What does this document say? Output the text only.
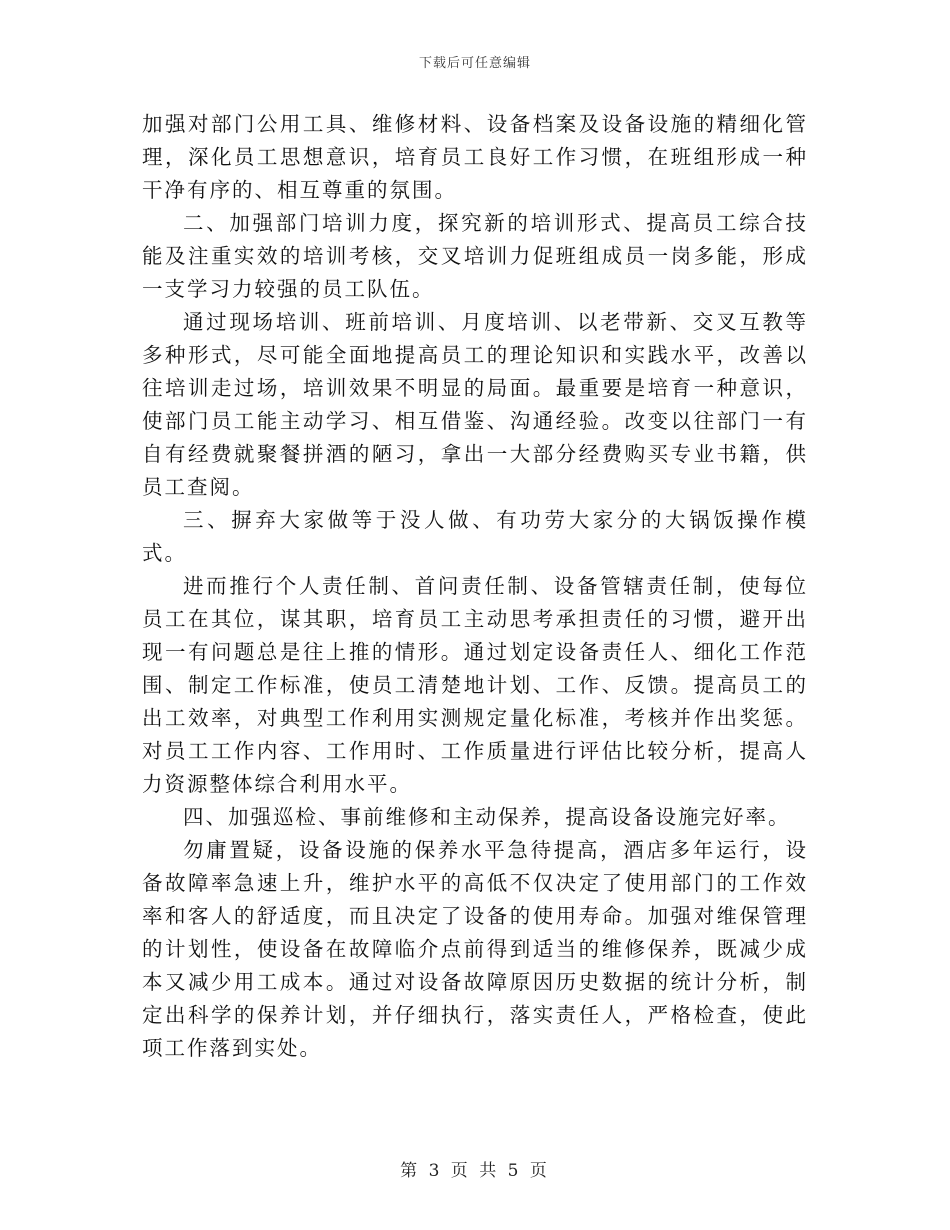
下载后可任意编辑

加强对部门公用工具、维修材料、设备档案及设备设施的精细化管理，深化员工思想意识，培育员工良好工作习惯，在班组形成一种干净有序的、相互尊重的氛围。

二、加强部门培训力度，探究新的培训形式、提高员工综合技能及注重实效的培训考核，交叉培训力促班组成员一岗多能，形成一支学习力较强的员工队伍。

通过现场培训、班前培训、月度培训、以老带新、交叉互教等多种形式，尽可能全面地提高员工的理论知识和实践水平，改善以往培训走过场，培训效果不明显的局面。最重要是培育一种意识，使部门员工能主动学习、相互借鉴、沟通经验。改变以往部门一有自有经费就聚餐拼酒的陋习，拿出一大部分经费购买专业书籍，供员工查阅。

三、摒弃大家做等于没人做、有功劳大家分的大锅饭操作模式。

进而推行个人责任制、首问责任制、设备管辖责任制，使每位员工在其位，谋其职，培育员工主动思考承担责任的习惯，避开出现一有问题总是往上推的情形。通过划定设备责任人、细化工作范围、制定工作标准，使员工清楚地计划、工作、反馈。提高员工的出工效率，对典型工作利用实测规定量化标准，考核并作出奖惩。对员工工作内容、工作用时、工作质量进行评估比较分析，提高人力资源整体综合利用水平。

四、加强巡检、事前维修和主动保养，提高设备设施完好率。

勿庸置疑，设备设施的保养水平急待提高，酒店多年运行，设备故障率急速上升，维护水平的高低不仅决定了使用部门的工作效率和客人的舒适度，而且决定了设备的使用寿命。加强对维保管理的计划性，使设备在故障临介点前得到适当的维修保养，既减少成本又减少用工成本。通过对设备故障原因历史数据的统计分析，制定出科学的保养计划，并仔细执行，落实责任人，严格检查，使此项工作落到实处。

第 3 页 共 5 页
